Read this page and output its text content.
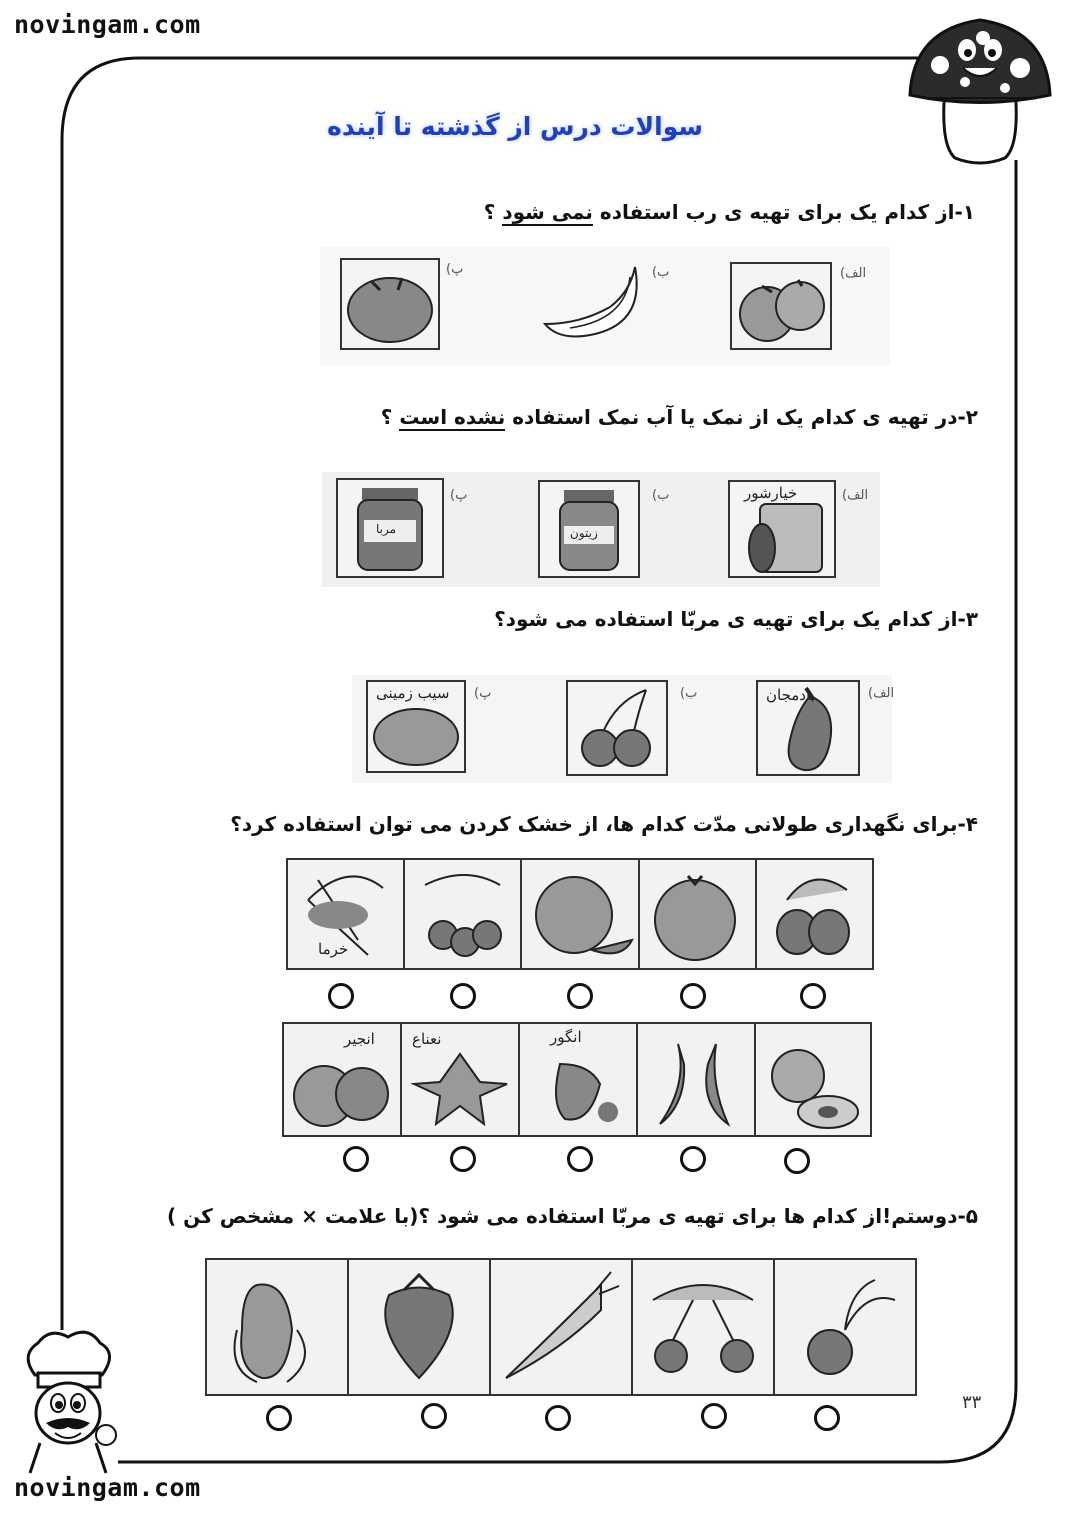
novingam.com
novingam.com
سوالات درس از گذشته تا آینده
۱-از کدام یک برای تهیه ی رب استفاده نمی شود ؟
پ)	ب)	الف)
۲-در تهیه ی کدام یک از نمک یا آب نمک استفاده نشده است ؟
مربا
پ)
زیتون
ب)	خیارشور	الف)
۳-از کدام یک برای تهیه ی مربّا استفاده می شود؟
سیب زمینی پ)	ب)	بادمجان	الف)
۴-برای نگهداری طولانی مدّت کدام ها، از خشک کردن می توان استفاده کرد؟
خرما
انجیر نعناع	انگور
۵-دوستم!از کدام ها برای تهیه ی مربّا استفاده می شود ؟(با علامت × مشخص کن )
۳۳
